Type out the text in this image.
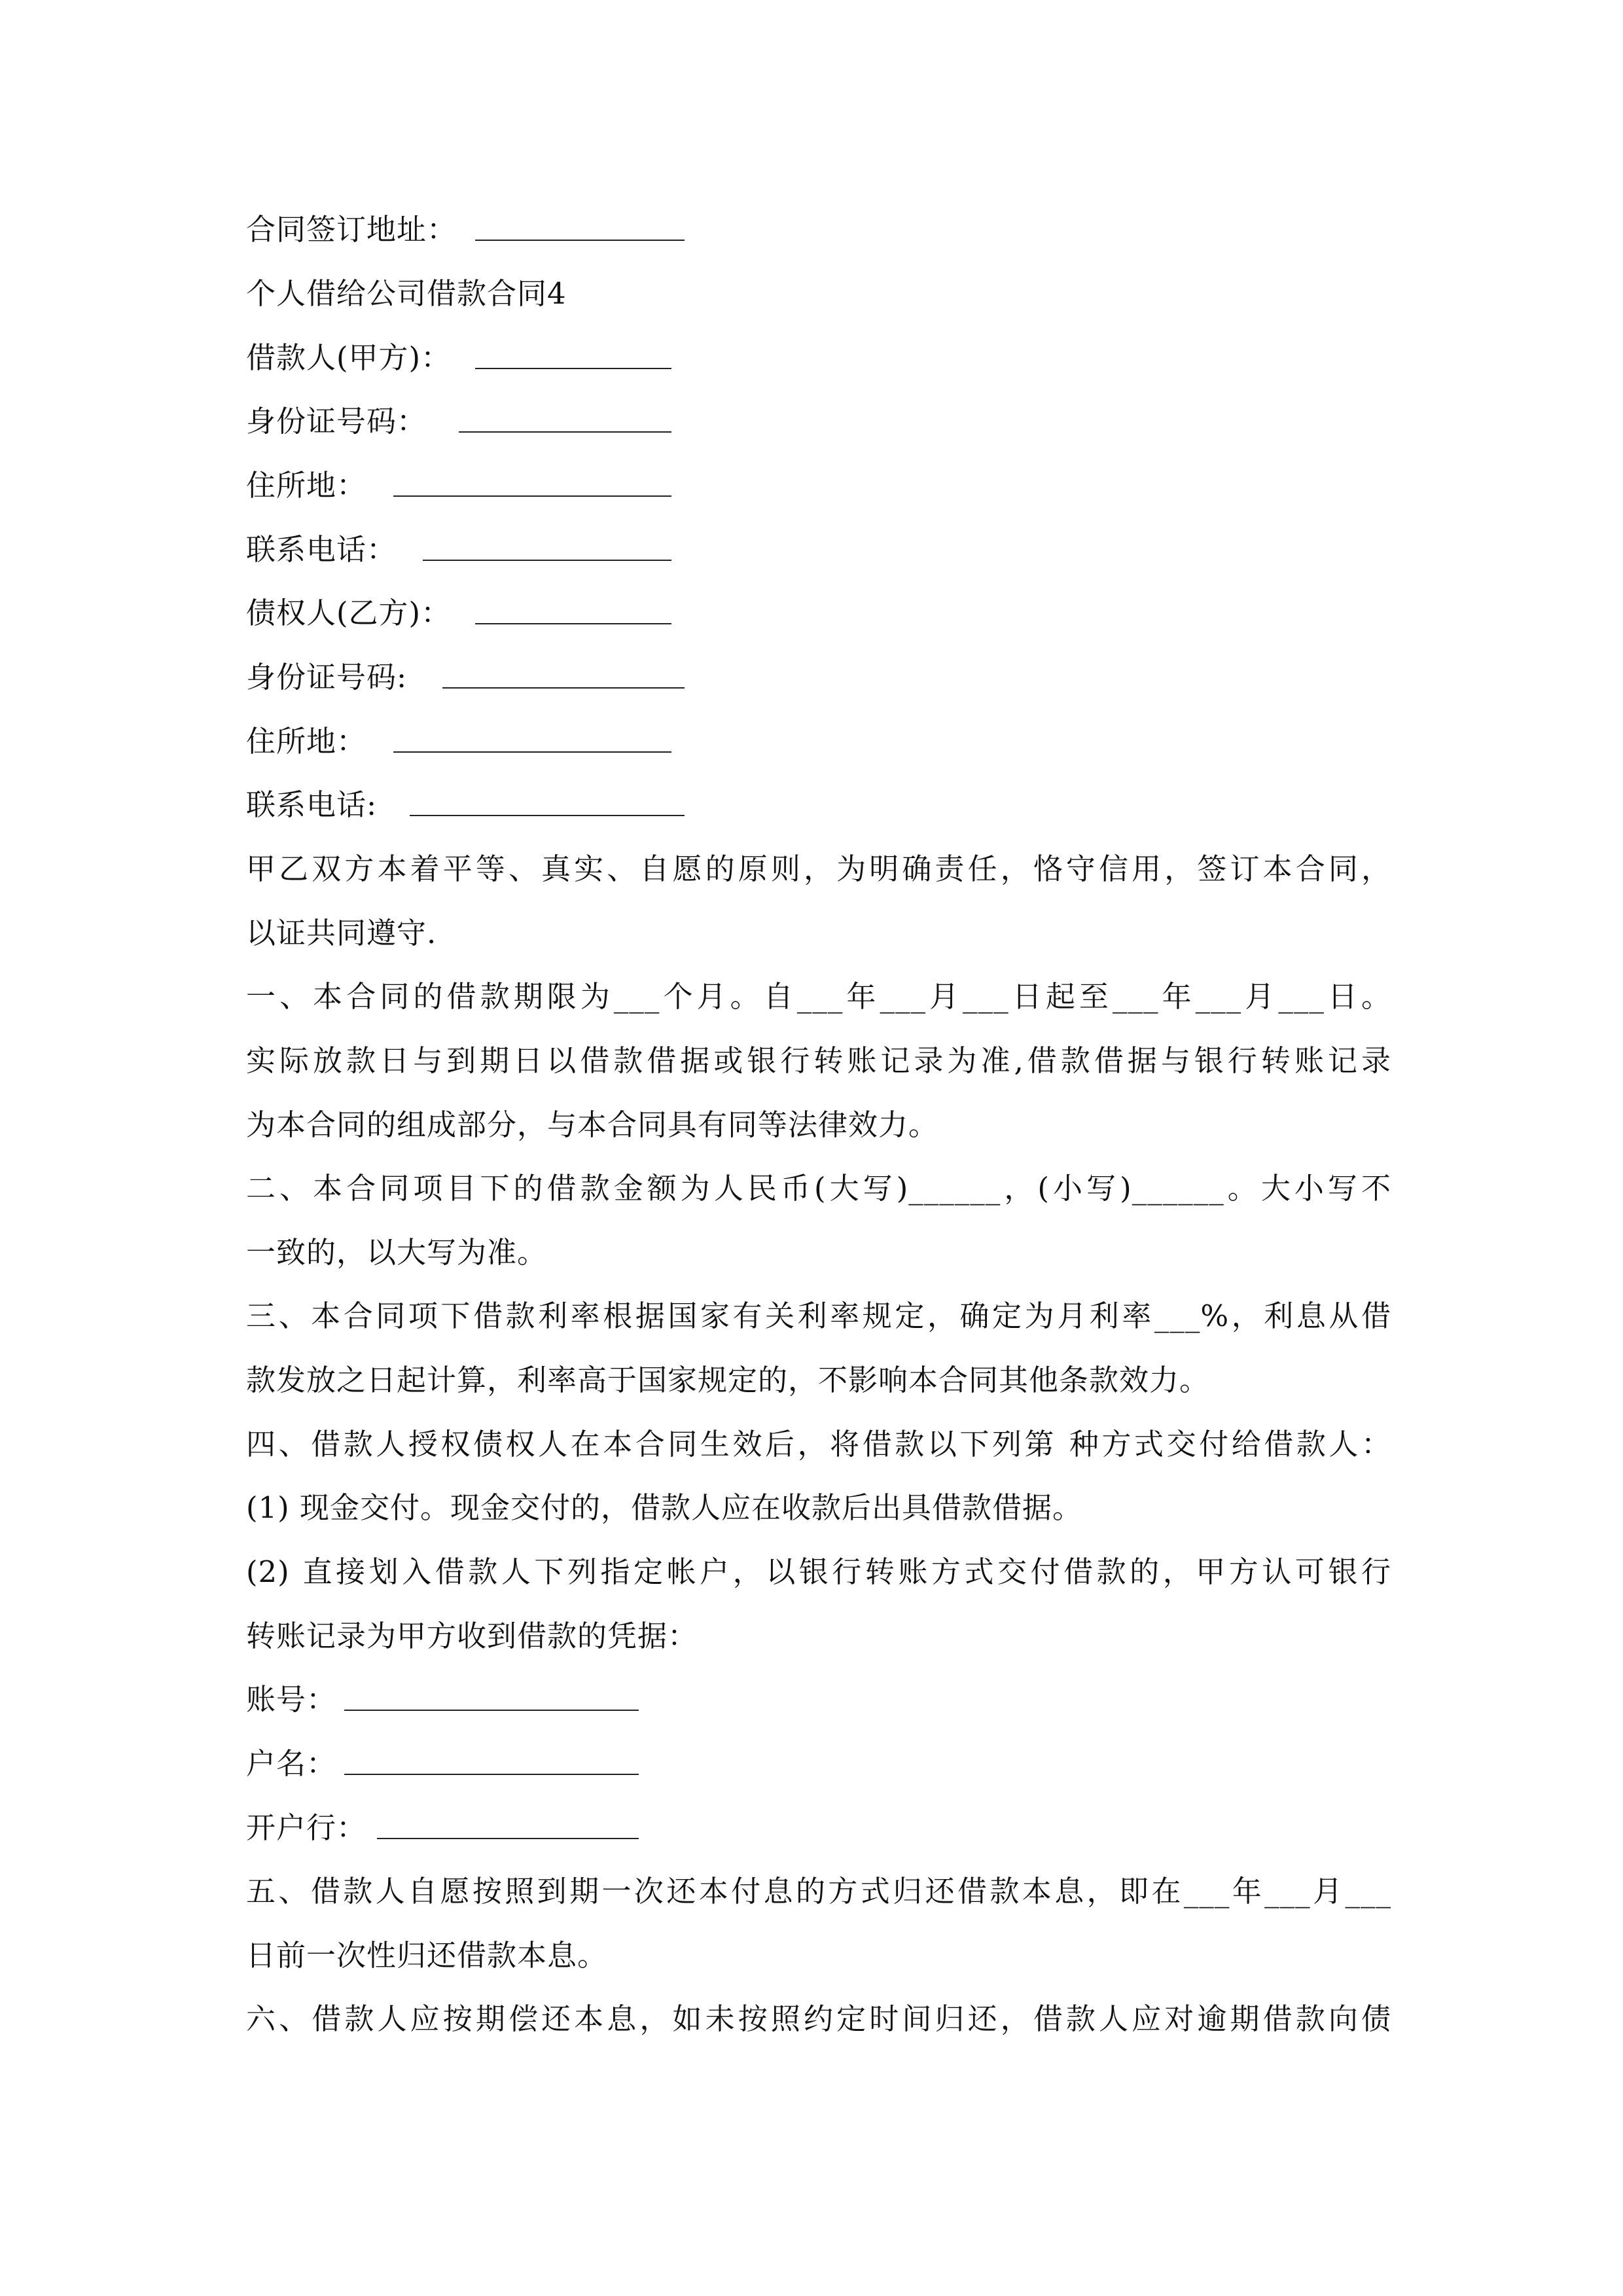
合同签订地址：
个人借给公司借款合同4
借款人(甲方)：
身份证号码：
住所地：
联系电话：
债权人(乙方)：
身份证号码:
住所地：
联系电话:
甲乙双方本着平等、真实、自愿的原则，为明确责任，恪守信用，签订本合同，
以证共同遵守.
一、本合同的借款期限为___个月。自___年___月___日起至___年___月___日。
实际放款日与到期日以借款借据或银行转账记录为准,借款借据与银行转账记录
为本合同的组成部分，与本合同具有同等法律效力。
二、本合同项目下的借款金额为人民币(大写)______，(小写)______。大小写不
一致的，以大写为准。
三、本合同项下借款利率根据国家有关利率规定，确定为月利率___%，利息从借
款发放之日起计算，利率高于国家规定的，不影响本合同其他条款效力。
四、借款人授权债权人在本合同生效后，将借款以下列第 种方式交付给借款人：
(1) 现金交付。现金交付的，借款人应在收款后出具借款借据。
(2) 直接划入借款人下列指定帐户，以银行转账方式交付借款的，甲方认可银行
转账记录为甲方收到借款的凭据：
账号：
户名：
开户行：
五、借款人自愿按照到期一次还本付息的方式归还借款本息，即在___年___月___
日前一次性归还借款本息。
六、借款人应按期偿还本息，如未按照约定时间归还，借款人应对逾期借款向债
